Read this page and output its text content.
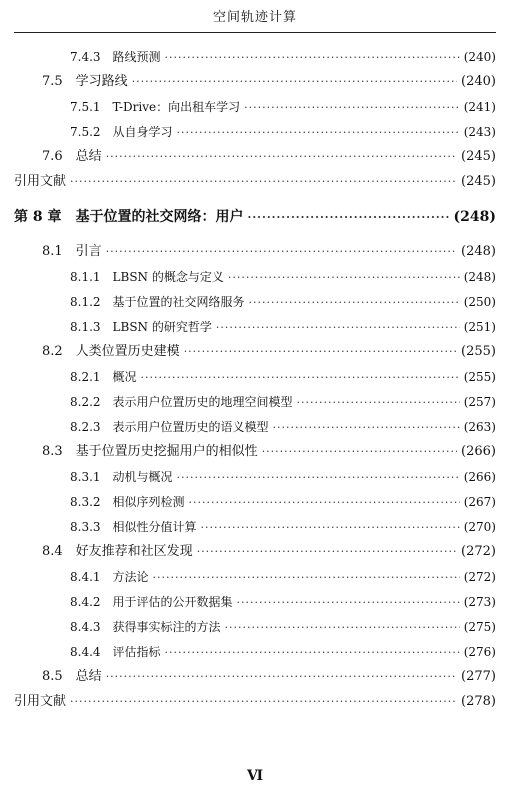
空间轨迹计算
7.4.3　路线预测 ·····	(240)
7.5　学习路线 ·····	(240)
7.5.1　T-Drive：向出租车学习 ·····	(241)
7.5.2　从自身学习 ·····	(243)
7.6　总结 ·····	(245)
引用文献 ·····	(245)
第 8 章　基于位置的社交网络：用户 ·····	(248)
8.1　引言 ·····	(248)
8.1.1　LBSN 的概念与定义 ·····	(248)
8.1.2　基于位置的社交网络服务 ·····	(250)
8.1.3　LBSN 的研究哲学 ·····	(251)
8.2　人类位置历史建模 ·····	(255)
8.2.1　概况 ·····	(255)
8.2.2　表示用户位置历史的地理空间模型 ·····	(257)
8.2.3　表示用户位置历史的语义模型 ·····	(263)
8.3　基于位置历史挖掘用户的相似性 ·····	(266)
8.3.1　动机与概况 ·····	(266)
8.3.2　相似序列检测 ·····	(267)
8.3.3　相似性分值计算 ·····	(270)
8.4　好友推荐和社区发现 ·····	(272)
8.4.1　方法论 ·····	(272)
8.4.2　用于评估的公开数据集 ·····	(273)
8.4.3　获得事实标注的方法 ·····	(275)
8.4.4　评估指标 ·····	(276)
8.5　总结 ·····	(277)
引用文献 ·····	(278)
Ⅵ
